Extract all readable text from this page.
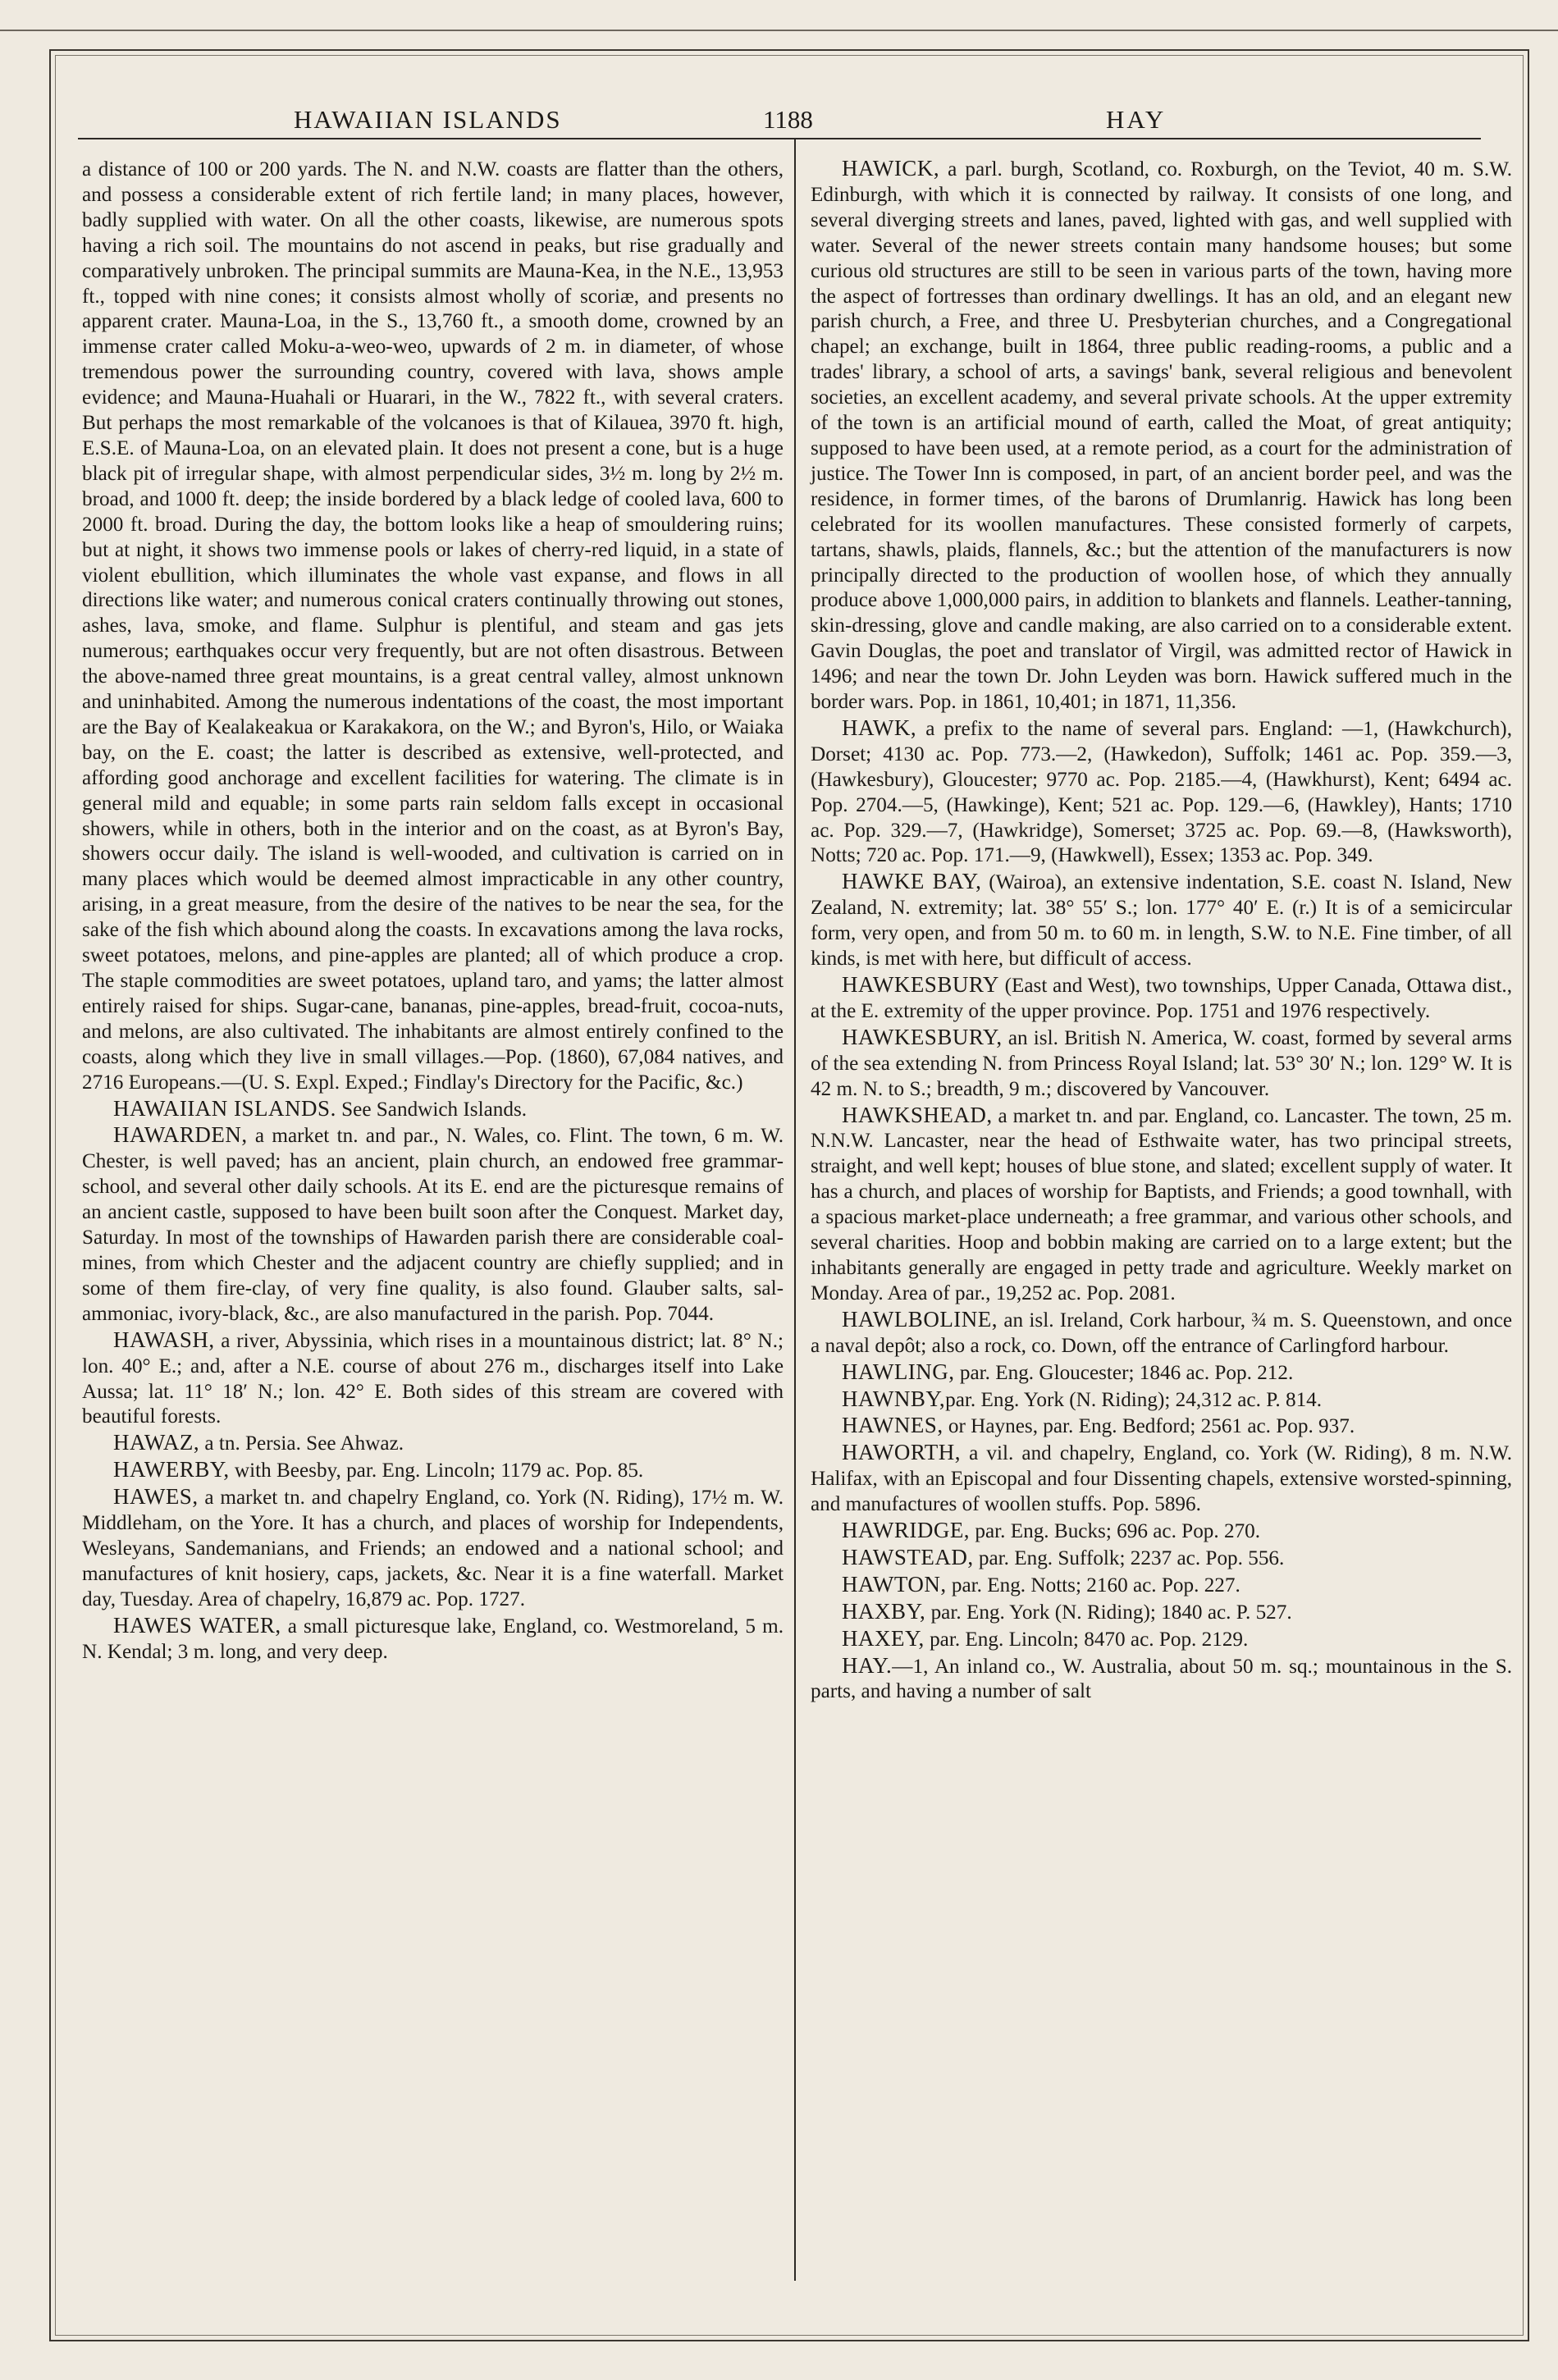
HAWAIIAN ISLANDS	1188	HAY

a distance of 100 or 200 yards. The N. and N.W. coasts are flatter than the others, and possess a considerable extent of rich fertile land; in many places, however, badly supplied with water. On all the other coasts, likewise, are numerous spots having a rich soil. The mountains do not ascend in peaks, but rise gradually and comparatively unbroken. The principal summits are Mauna-Kea, in the N.E., 13,953 ft., topped with nine cones; it consists almost wholly of scoriæ, and presents no apparent crater. Mauna-Loa, in the S., 13,760 ft., a smooth dome, crowned by an immense crater called Moku-a-weo-weo, upwards of 2 m. in diameter, of whose tremendous power the surrounding country, covered with lava, shows ample evidence; and Mauna-Huahali or Huarari, in the W., 7822 ft., with several craters. But perhaps the most remarkable of the volcanoes is that of Kilauea, 3970 ft. high, E.S.E. of Mauna-Loa, on an elevated plain. It does not present a cone, but is a huge black pit of irregular shape, with almost perpendicular sides, 3½ m. long by 2½ m. broad, and 1000 ft. deep; the inside bordered by a black ledge of cooled lava, 600 to 2000 ft. broad. During the day, the bottom looks like a heap of smouldering ruins; but at night, it shows two immense pools or lakes of cherry-red liquid, in a state of violent ebullition, which illuminates the whole vast expanse, and flows in all directions like water; and numerous conical craters continually throwing out stones, ashes, lava, smoke, and flame. Sulphur is plentiful, and steam and gas jets numerous; earthquakes occur very frequently, but are not often disastrous. Between the above-named three great mountains, is a great central valley, almost unknown and uninhabited. Among the numerous indentations of the coast, the most important are the Bay of Kealakeakua or Karakakora, on the W.; and Byron's, Hilo, or Waiaka bay, on the E. coast; the latter is described as extensive, well-protected, and affording good anchorage and excellent facilities for watering. The climate is in general mild and equable; in some parts rain seldom falls except in occasional showers, while in others, both in the interior and on the coast, as at Byron's Bay, showers occur daily. The island is well-wooded, and cultivation is carried on in many places which would be deemed almost impracticable in any other country, arising, in a great measure, from the desire of the natives to be near the sea, for the sake of the fish which abound along the coasts. In excavations among the lava rocks, sweet potatoes, melons, and pine-apples are planted; all of which produce a crop. The staple commodities are sweet potatoes, upland taro, and yams; the latter almost entirely raised for ships. Sugar-cane, bananas, pine-apples, bread-fruit, cocoa-nuts, and melons, are also cultivated. The inhabitants are almost entirely confined to the coasts, along which they live in small villages.—Pop. (1860), 67,084 natives, and 2716 Europeans.—(U. S. Expl. Exped.; Findlay's Directory for the Pacific, &c.)

HAWAIIAN ISLANDS. See Sandwich Islands.

HAWARDEN, a market tn. and par., N. Wales, co. Flint. The town, 6 m. W. Chester, is well paved; has an ancient, plain church, an endowed free grammar-school, and several other daily schools. At its E. end are the picturesque remains of an ancient castle, supposed to have been built soon after the Conquest. Market day, Saturday. In most of the townships of Hawarden parish there are considerable coal-mines, from which Chester and the adjacent country are chiefly supplied; and in some of them fire-clay, of very fine quality, is also found. Glauber salts, sal-ammoniac, ivory-black, &c., are also manufactured in the parish. Pop. 7044.

HAWASH, a river, Abyssinia, which rises in a mountainous district; lat. 8° N.; lon. 40° E.; and, after a N.E. course of about 276 m., discharges itself into Lake Aussa; lat. 11° 18′ N.; lon. 42° E. Both sides of this stream are covered with beautiful forests.

HAWAZ, a tn. Persia. See Ahwaz.

HAWERBY, with Beesby, par. Eng. Lincoln; 1179 ac. Pop. 85.

HAWES, a market tn. and chapelry England, co. York (N. Riding), 17½ m. W. Middleham, on the Yore. It has a church, and places of worship for Independents, Wesleyans, Sandemanians, and Friends; an endowed and a national school; and manufactures of knit hosiery, caps, jackets, &c. Near it is a fine waterfall. Market day, Tuesday. Area of chapelry, 16,879 ac. Pop. 1727.

HAWES WATER, a small picturesque lake, England, co. Westmoreland, 5 m. N. Kendal; 3 m. long, and very deep.

HAWICK, a parl. burgh, Scotland, co. Roxburgh, on the Teviot, 40 m. S.W. Edinburgh, with which it is connected by railway. It consists of one long, and several diverging streets and lanes, paved, lighted with gas, and well supplied with water. Several of the newer streets contain many handsome houses; but some curious old structures are still to be seen in various parts of the town, having more the aspect of fortresses than ordinary dwellings. It has an old, and an elegant new parish church, a Free, and three U. Presbyterian churches, and a Congregational chapel; an exchange, built in 1864, three public reading-rooms, a public and a trades' library, a school of arts, a savings' bank, several religious and benevolent societies, an excellent academy, and several private schools. At the upper extremity of the town is an artificial mound of earth, called the Moat, of great antiquity; supposed to have been used, at a remote period, as a court for the administration of justice. The Tower Inn is composed, in part, of an ancient border peel, and was the residence, in former times, of the barons of Drumlanrig. Hawick has long been celebrated for its woollen manufactures. These consisted formerly of carpets, tartans, shawls, plaids, flannels, &c.; but the attention of the manufacturers is now principally directed to the production of woollen hose, of which they annually produce above 1,000,000 pairs, in addition to blankets and flannels. Leather-tanning, skin-dressing, glove and candle making, are also carried on to a considerable extent. Gavin Douglas, the poet and translator of Virgil, was admitted rector of Hawick in 1496; and near the town Dr. John Leyden was born. Hawick suffered much in the border wars. Pop. in 1861, 10,401; in 1871, 11,356.

HAWK, a prefix to the name of several pars. England: —1, (Hawkchurch), Dorset; 4130 ac. Pop. 773.—2, (Hawkedon), Suffolk; 1461 ac. Pop. 359.—3, (Hawkesbury), Gloucester; 9770 ac. Pop. 2185.—4, (Hawkhurst), Kent; 6494 ac. Pop. 2704.—5, (Hawkinge), Kent; 521 ac. Pop. 129.—6, (Hawkley), Hants; 1710 ac. Pop. 329.—7, (Hawkridge), Somerset; 3725 ac. Pop. 69.—8, (Hawksworth), Notts; 720 ac. Pop. 171.—9, (Hawkwell), Essex; 1353 ac. Pop. 349.

HAWKE BAY, (Wairoa), an extensive indentation, S.E. coast N. Island, New Zealand, N. extremity; lat. 38° 55′ S.; lon. 177° 40′ E. (r.) It is of a semicircular form, very open, and from 50 m. to 60 m. in length, S.W. to N.E. Fine timber, of all kinds, is met with here, but difficult of access.

HAWKESBURY (East and West), two townships, Upper Canada, Ottawa dist., at the E. extremity of the upper province. Pop. 1751 and 1976 respectively.

HAWKESBURY, an isl. British N. America, W. coast, formed by several arms of the sea extending N. from Princess Royal Island; lat. 53° 30′ N.; lon. 129° W. It is 42 m. N. to S.; breadth, 9 m.; discovered by Vancouver.

HAWKSHEAD, a market tn. and par. England, co. Lancaster. The town, 25 m. N.N.W. Lancaster, near the head of Esthwaite water, has two principal streets, straight, and well kept; houses of blue stone, and slated; excellent supply of water. It has a church, and places of worship for Baptists, and Friends; a good townhall, with a spacious market-place underneath; a free grammar, and various other schools, and several charities. Hoop and bobbin making are carried on to a large extent; but the inhabitants generally are engaged in petty trade and agriculture. Weekly market on Monday. Area of par., 19,252 ac. Pop. 2081.

HAWLBOLINE, an isl. Ireland, Cork harbour, ¾ m. S. Queenstown, and once a naval depôt; also a rock, co. Down, off the entrance of Carlingford harbour.

HAWLING, par. Eng. Gloucester; 1846 ac. Pop. 212.

HAWNBY,par. Eng. York (N. Riding); 24,312 ac. P. 814.

HAWNES, or Haynes, par. Eng. Bedford; 2561 ac. Pop. 937.

HAWORTH, a vil. and chapelry, England, co. York (W. Riding), 8 m. N.W. Halifax, with an Episcopal and four Dissenting chapels, extensive worsted-spinning, and manufactures of woollen stuffs. Pop. 5896.

HAWRIDGE, par. Eng. Bucks; 696 ac. Pop. 270.

HAWSTEAD, par. Eng. Suffolk; 2237 ac. Pop. 556.

HAWTON, par. Eng. Notts; 2160 ac. Pop. 227.

HAXBY, par. Eng. York (N. Riding); 1840 ac. P. 527.

HAXEY, par. Eng. Lincoln; 8470 ac. Pop. 2129.

HAY.—1, An inland co., W. Australia, about 50 m. sq.; mountainous in the S. parts, and having a number of salt
